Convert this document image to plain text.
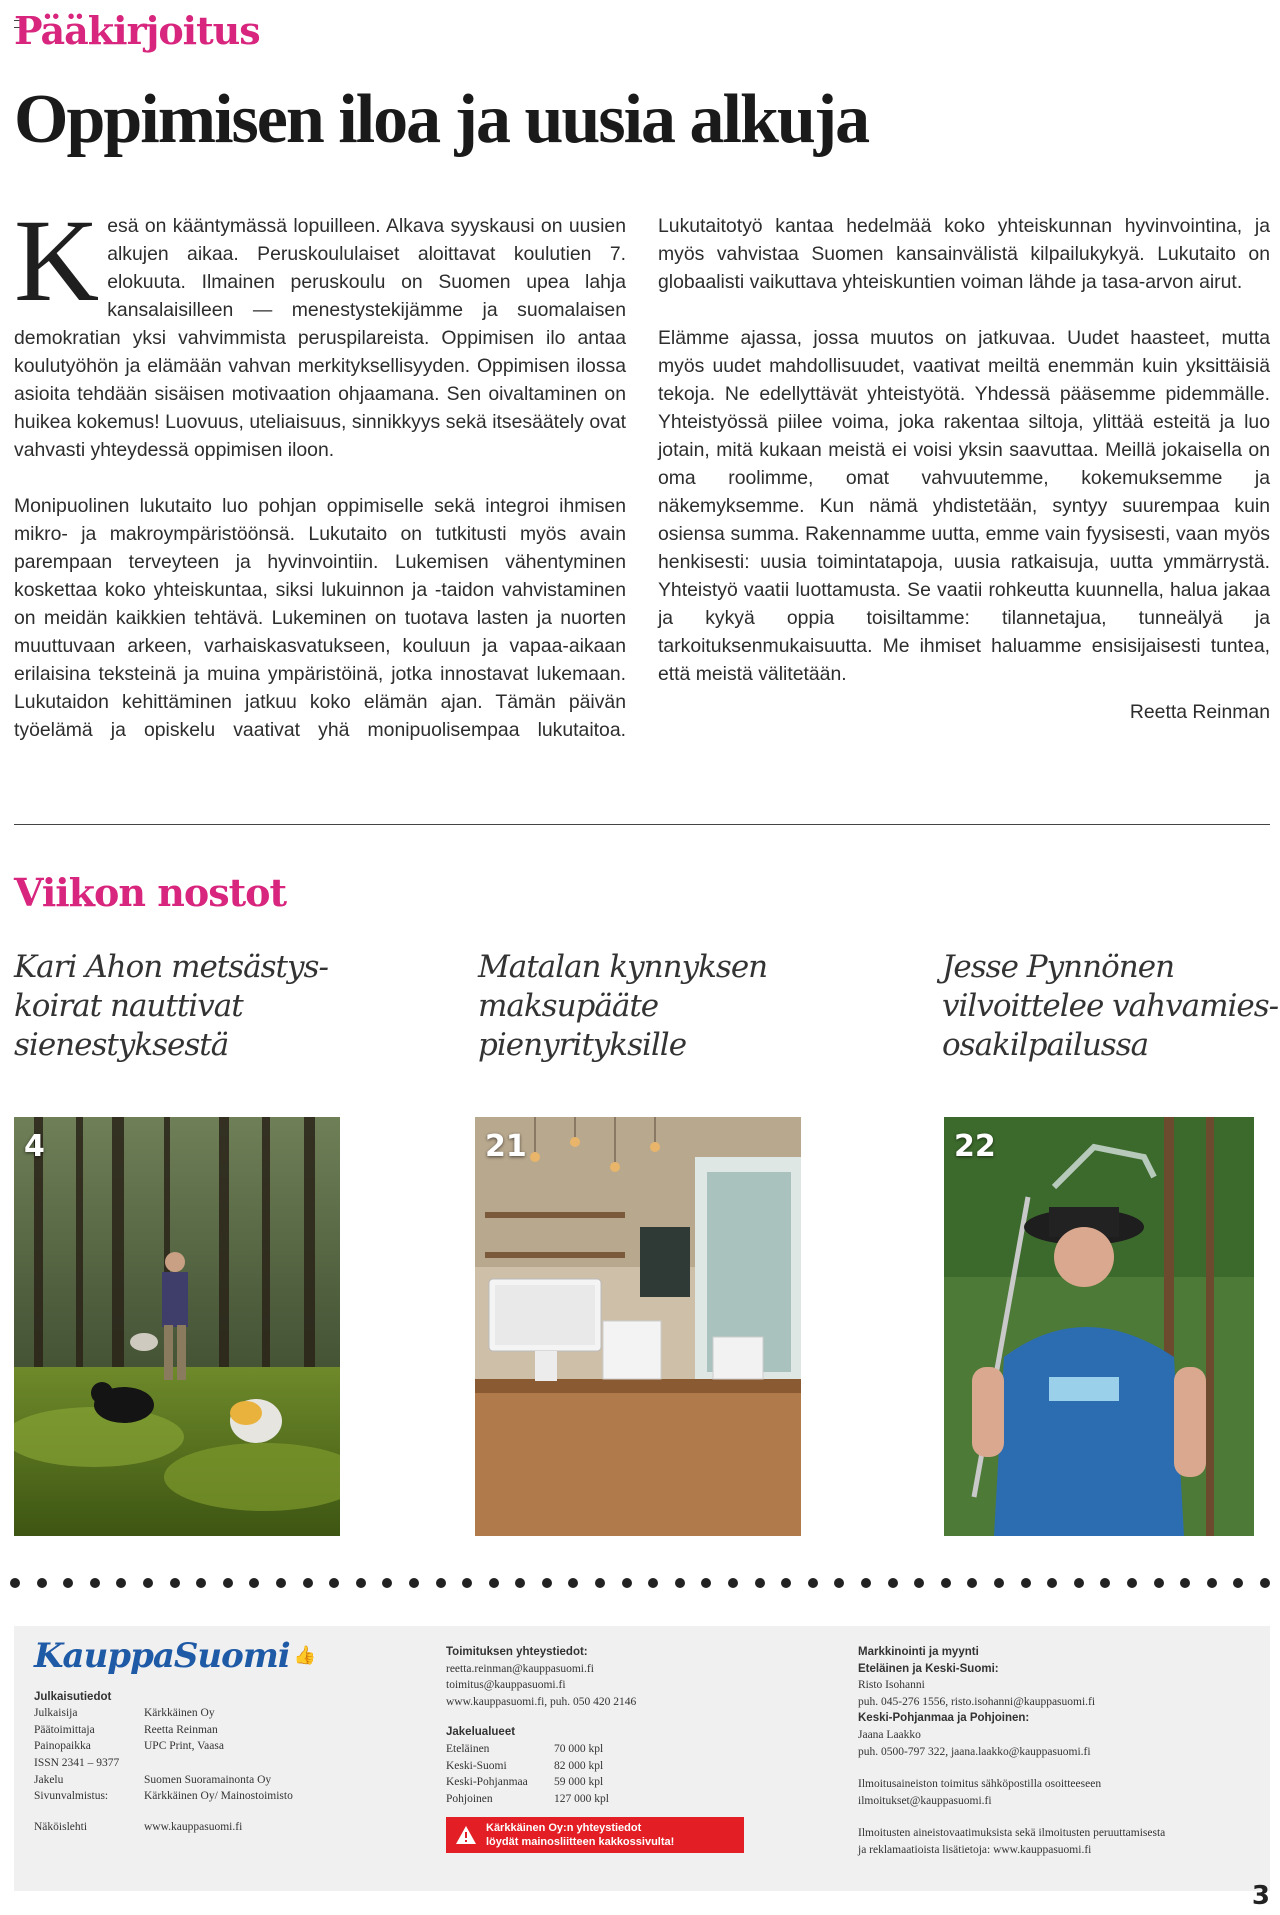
Pääkirjoitus
Oppimisen iloa ja uusia alkuja

Kesä on kääntymässä lopuilleen. Alkava syyskausi on uusien alkujen aikaa. Peruskoululaiset aloittavat koulutien 7. elokuuta. Ilmainen peruskoulu on Suomen upea lahja kansalaisilleen — menestystekijämme ja suomalaisen demokratian yksi vahvimmista peruspilareista. Oppimisen ilo antaa koulutyöhön ja elämään vahvan merkityksellisyyden. Oppimisen ilossa asioita tehdään sisäisen motivaation ohjaamana. Sen oivaltaminen on huikea kokemus! Luovuus, uteliaisuus, sinnikkyys sekä itsesäätely ovat vahvasti yhteydessä oppimisen iloon.

Monipuolinen lukutaito luo pohjan oppimiselle sekä integroi ihmisen mikro- ja makroympäristöönsä. Lukutaito on tutkitusti myös avain parempaan terveyteen ja hyvinvointiin. Lukemisen vähentyminen koskettaa koko yhteiskuntaa, siksi lukuinnon ja -taidon vahvistaminen on meidän kaikkien tehtävä. Lukeminen on tuotava lasten ja nuorten muuttuvaan arkeen, varhaiskasvatukseen, kouluun ja vapaa-aikaan erilaisina teksteinä ja muina ympäristöinä, jotka innostavat lukemaan. Lukutaidon kehittäminen jatkuu koko elämän ajan. Tämän päivän työelämä ja opiskelu vaativat yhä monipuolisempaa lukutaitoa. Lukutaitotyö kantaa hedelmää koko yhteiskunnan hyvinvointina, ja myös vahvistaa Suomen kansainvälistä kilpailukykyä. Lukutaito on globaalisti vaikuttava yhteiskuntien voiman lähde ja tasa-arvon airut.

Elämme ajassa, jossa muutos on jatkuvaa. Uudet haasteet, mutta myös uudet mahdollisuudet, vaativat meiltä enemmän kuin yksittäisiä tekoja. Ne edellyttävät yhteistyötä. Yhdessä pääsemme pidemmälle. Yhteistyössä piilee voima, joka rakentaa siltoja, ylittää esteitä ja luo jotain, mitä kukaan meistä ei voisi yksin saavuttaa. Meillä jokaisella on oma roolimme, omat vahvuutemme, kokemuksemme ja näkemyksemme. Kun nämä yhdistetään, syntyy suurempaa kuin osiensa summa. Rakennamme uutta, emme vain fyysisesti, vaan myös henkisesti: uusia toimintatapoja, uusia ratkaisuja, uutta ymmärrystä. Yhteistyö vaatii luottamusta. Se vaatii rohkeutta kuunnella, halua jakaa ja kykyä oppia toisiltamme: tilannetajua, tunneälyä ja tarkoituksenmukaisuutta. Me ihmiset haluamme ensisijaisesti tuntea, että meistä välitetään.

Reetta Reinman
Viikon nostot
Kari Ahon metsästys-koirat nauttivat sienestyksestä
Matalan kynnyksen maksupääte pienyrityksille
Jesse Pynnönen vilvoittelee vahvamies-osakilpailussa
4	21	22
KauppaSuomi 👍
Julkaisutiedot
Julkaisija	Kärkkäinen Oy
Päätoimittaja	Reetta Reinman
Painopaikka	UPC Print, Vaasa
ISSN 2341 – 9377
Jakelu	Suomen Suoramainonta Oy
Sivunvalmistus:	Kärkkäinen Oy/ Mainostoimisto
Näköislehti	www.kauppasuomi.fi
Toimituksen yhteystiedot:
reetta.reinman@kauppasuomi.fi
toimitus@kauppasuomi.fi
www.kauppasuomi.fi, puh. 050 420 2146
Jakelualueet
Eteläinen	70 000 kpl
Keski-Suomi	82 000 kpl
Keski-Pohjanmaa	59 000 kpl
Pohjoinen	127 000 kpl
Kärkkäinen Oy:n yhteystiedot
löydät mainosliitteen kakkossivulta!
Markkinointi ja myynti
Eteläinen ja Keski-Suomi:
Risto Isohanni
puh. 045-276 1556, risto.isohanni@kauppasuomi.fi
Keski-Pohjanmaa ja Pohjoinen:
Jaana Laakko
puh. 0500-797 322, jaana.laakko@kauppasuomi.fi
Ilmoitusaineiston toimitus sähköpostilla osoitteeseen
ilmoitukset@kauppasuomi.fi
Ilmoitusten aineistovaatimuksista sekä ilmoitusten peruuttamisesta
ja reklamaatioista lisätietoja: www.kauppasuomi.fi
3
